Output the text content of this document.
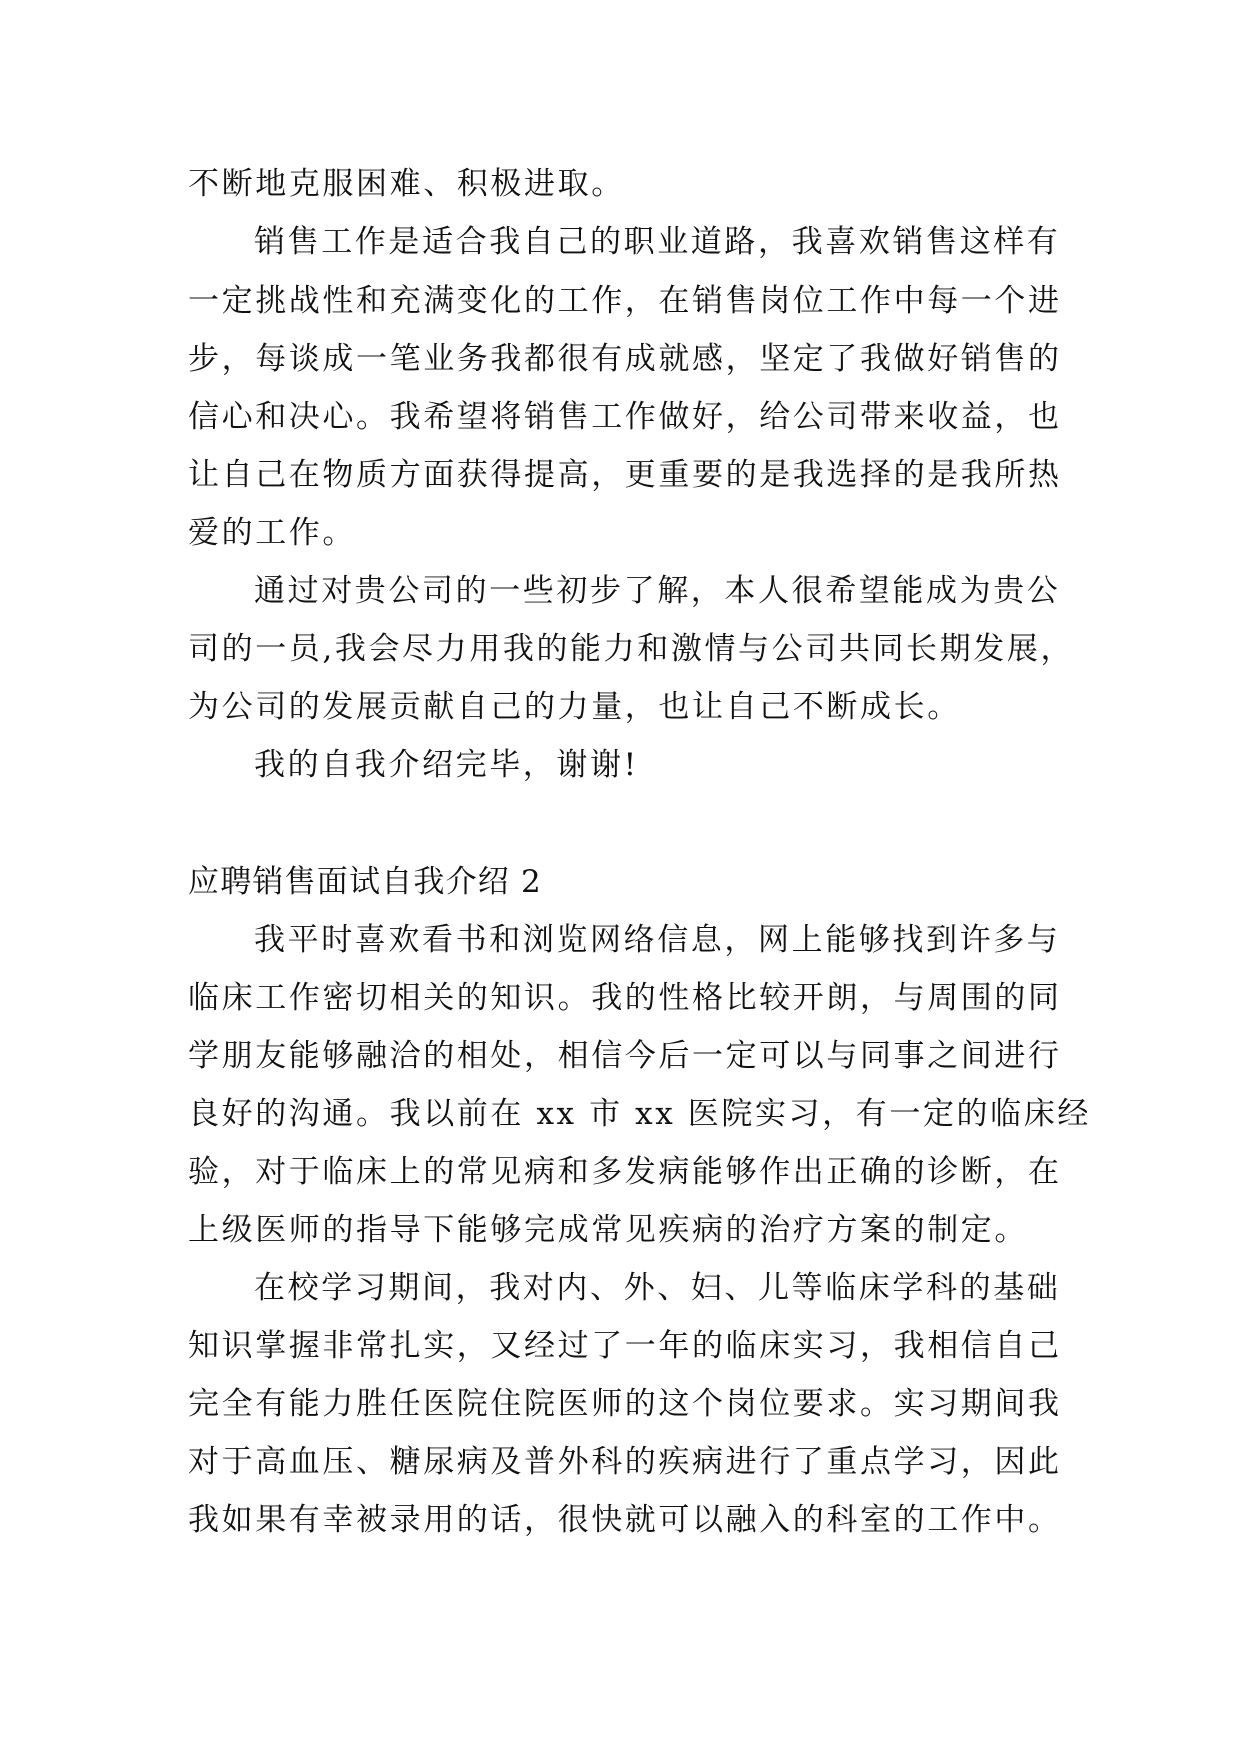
不断地克服困难、积极进取。
销售工作是适合我自己的职业道路，我喜欢销售这样有
一定挑战性和充满变化的工作，在销售岗位工作中每一个进
步，每谈成一笔业务我都很有成就感，坚定了我做好销售的
信心和决心。我希望将销售工作做好，给公司带来收益，也
让自己在物质方面获得提高，更重要的是我选择的是我所热
爱的工作。
通过对贵公司的一些初步了解，本人很希望能成为贵公
司的一员,我会尽力用我的能力和激情与公司共同长期发展，
为公司的发展贡献自己的力量，也让自己不断成长。
我的自我介绍完毕，谢谢!
应聘销售面试自我介绍 2
我平时喜欢看书和浏览网络信息，网上能够找到许多与
临床工作密切相关的知识。我的性格比较开朗，与周围的同
学朋友能够融洽的相处，相信今后一定可以与同事之间进行
良好的沟通。我以前在 xx 市 xx 医院实习，有一定的临床经
验，对于临床上的常见病和多发病能够作出正确的诊断，在
上级医师的指导下能够完成常见疾病的治疗方案的制定。
在校学习期间，我对内、外、妇、儿等临床学科的基础
知识掌握非常扎实，又经过了一年的临床实习，我相信自己
完全有能力胜任医院住院医师的这个岗位要求。实习期间我
对于高血压、糖尿病及普外科的疾病进行了重点学习，因此
我如果有幸被录用的话，很快就可以融入的科室的工作中。
